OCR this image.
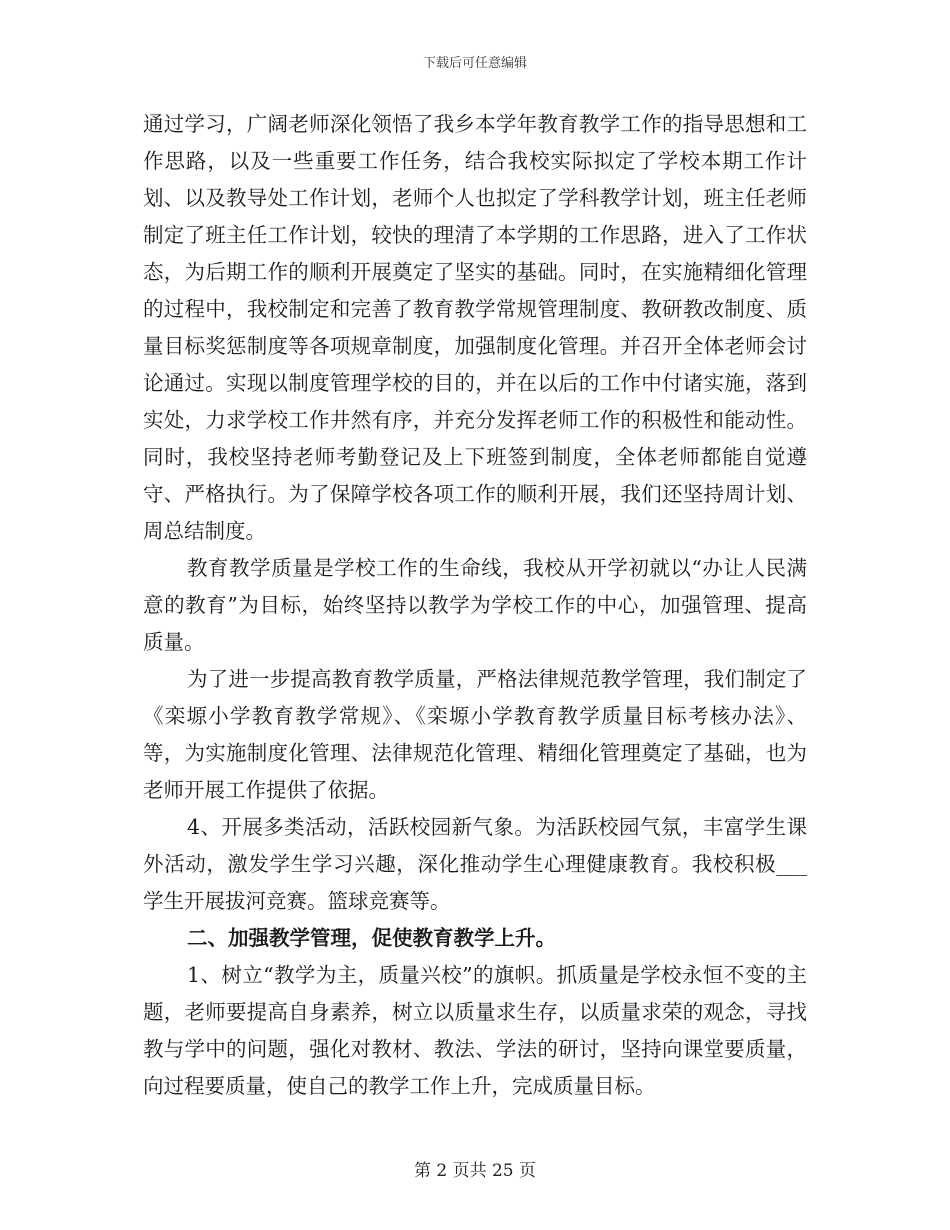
下载后可任意编辑

通过学习，广阔老师深化领悟了我乡本学年教育教学工作的指导思想和工作思路，以及一些重要工作任务，结合我校实际拟定了学校本期工作计划、以及教导处工作计划，老师个人也拟定了学科教学计划，班主任老师制定了班主任工作计划，较快的理清了本学期的工作思路，进入了工作状态，为后期工作的顺利开展奠定了坚实的基础。同时，在实施精细化管理的过程中，我校制定和完善了教育教学常规管理制度、教研教改制度、质量目标奖惩制度等各项规章制度，加强制度化管理。并召开全体老师会讨论通过。实现以制度管理学校的目的，并在以后的工作中付诸实施，落到实处，力求学校工作井然有序，并充分发挥老师工作的积极性和能动性。同时，我校坚持老师考勤登记及上下班签到制度，全体老师都能自觉遵守、严格执行。为了保障学校各项工作的顺利开展，我们还坚持周计划、周总结制度。

教育教学质量是学校工作的生命线，我校从开学初就以“办让人民满意的教育”为目标，始终坚持以教学为学校工作的中心，加强管理、提高质量。

为了进一步提高教育教学质量，严格法律规范教学管理，我们制定了《栾塬小学教育教学常规》、《栾塬小学教育教学质量目标考核办法》、等，为实施制度化管理、法律规范化管理、精细化管理奠定了基础，也为老师开展工作提供了依据。

4、开展多类活动，活跃校园新气象。为活跃校园气氛，丰富学生课外活动，激发学生学习兴趣，深化推动学生心理健康教育。我校积极___学生开展拔河竞赛。篮球竞赛等。

二、加强教学管理，促使教育教学上升。

1、树立“教学为主，质量兴校”的旗帜。抓质量是学校永恒不变的主题，老师要提高自身素养，树立以质量求生存，以质量求荣的观念，寻找教与学中的问题，强化对教材、教法、学法的研讨，坚持向课堂要质量，向过程要质量，使自己的教学工作上升，完成质量目标。

第 2 页共 25 页
